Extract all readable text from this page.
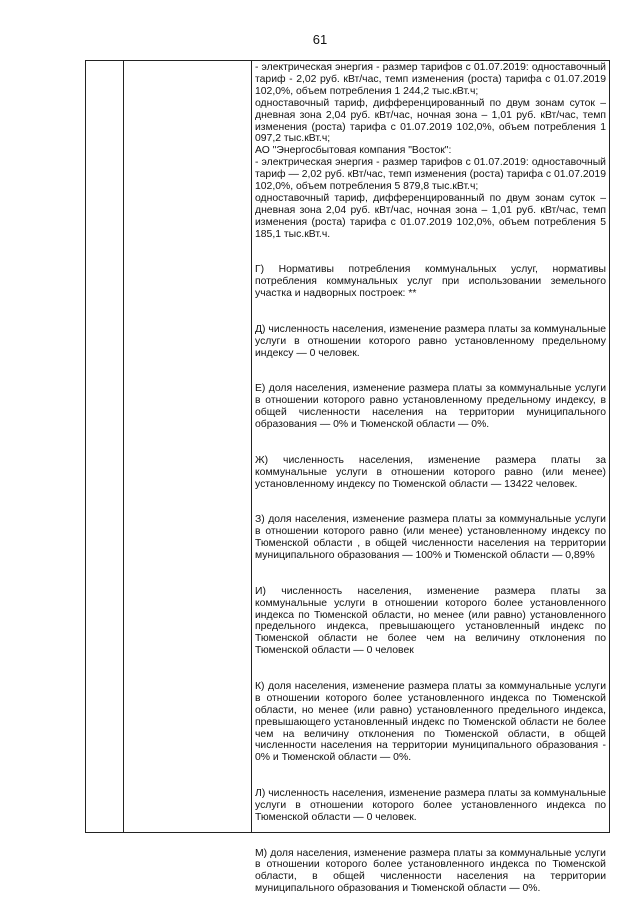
61

- электрическая энергия - размер тарифов с 01.07.2019: одноставочный тариф - 2,02 руб. кВт/час, темп изменения (роста) тарифа с 01.07.2019 102,0%, объем потребления 1 244,2 тыс.кВт.ч;

одноставочный тариф, дифференцированный по двум зонам суток – дневная зона 2,04 руб. кВт/час, ночная зона – 1,01 руб. кВт/час, темп изменения (роста) тарифа с 01.07.2019 102,0%, объем потребления 1 097,2 тыс.кВт.ч;

АО "Энергосбытовая компания "Восток":

- электрическая энергия - размер тарифов с 01.07.2019: одноставочный тариф — 2,02 руб. кВт/час, темп изменения (роста) тарифа с 01.07.2019 102,0%, объем потребления 5 879,8 тыс.кВт.ч;

одноставочный тариф, дифференцированный по двум зонам суток – дневная зона 2,04 руб. кВт/час, ночная зона – 1,01 руб. кВт/час, темп изменения (роста) тарифа с 01.07.2019 102,0%, объем потребления 5 185,1 тыс.кВт.ч.

Г) Нормативы потребления коммунальных услуг, нормативы потребления коммунальных услуг при использовании земельного участка и надворных построек: **

Д) численность населения, изменение размера платы за коммунальные услуги в отношении которого равно установленному предельному индексу — 0 человек.

Е) доля населения, изменение размера платы за коммунальные услуги в отношении которого равно установленному предельному индексу, в общей численности населения на территории муниципального образования — 0% и Тюменской области — 0%.

Ж) численность населения, изменение размера платы за коммунальные услуги в отношении которого равно (или менее) установленному индексу по Тюменской области — 13422 человек.

З) доля населения, изменение размера платы за коммунальные услуги в отношении которого равно (или менее) установленному индексу по Тюменской области , в общей численности населения на территории муниципального образования — 100% и Тюменской области — 0,89%

И) численность населения, изменение размера платы за коммунальные услуги в отношении которого более установленного индекса по Тюменской области, но менее (или равно) установленного предельного индекса, превышающего установленный индекс по Тюменской области не более чем на величину отклонения по Тюменской области — 0 человек

К) доля населения, изменение размера платы за коммунальные услуги в отношении которого более установленного индекса по Тюменской области, но менее (или равно) установленного предельного индекса, превышающего установленный индекс по Тюменской области не более чем на величину отклонения по Тюменской области, в общей численности населения на территории муниципального образования - 0% и Тюменской области — 0%.

Л) численность населения, изменение размера платы за коммунальные услуги в отношении которого более установленного индекса по Тюменской области — 0 человек.

М) доля населения, изменение размера платы за коммунальные услуги в отношении которого более установленного индекса по Тюменской области, в общей численности населения на территории муниципального образования и Тюменской области — 0%.
